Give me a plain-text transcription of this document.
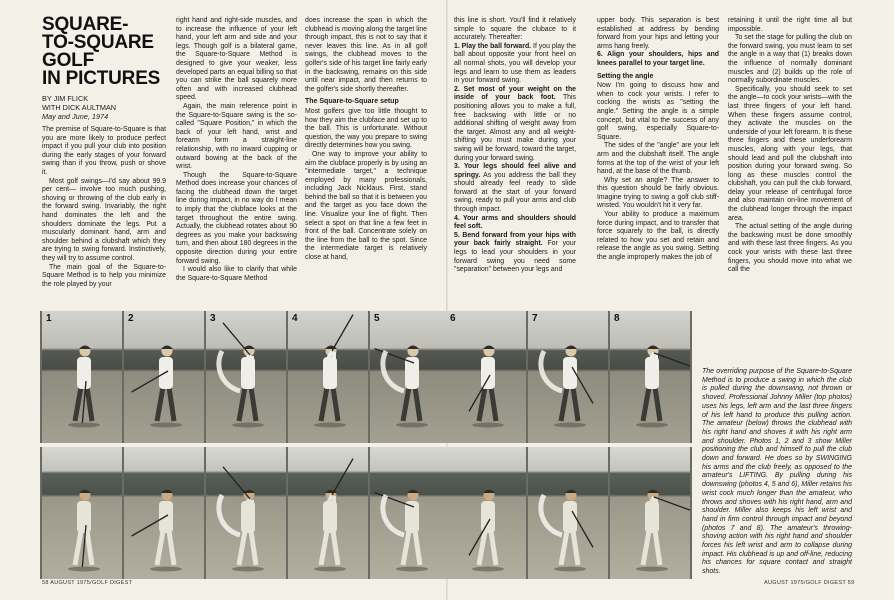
SQUARE-
TO-SQUARE
GOLF
IN PICTURES
BY JIM FLICK
WITH DICK AULTMAN
May and June, 1974

The premise of Square-to-Square is that you are more likely to produce perfect impact if you pull your club into position during the early stages of your forward swing than if you throw, push or shove it.

Most golf swings—I'd say about 99.9 per cent— involve too much pushing, shoving or throwing of the club early in the forward swing. Invariably, the right hand dominates the left and the shoulders dominate the legs. Put a muscularly dominant hand, arm and shoulder behind a clubshaft which they are trying to swing forward. Instinctively, they will try to assume control.

The main goal of the Square-to-Square Method is to help you minimize the role played by your

right hand and right-side muscles, and to increase the influence of your left hand, your left arm and side and your legs. Though golf is a bilateral game, the Square-to-Square Method is designed to give your weaker, less developed parts an equal billing so that you can strike the ball squarely more often and with increased clubhead speed.

Again, the main reference point in the Square-to-Square swing is the so-called "Square Position," in which the back of your left hand, wrist and forearm form a straight-line relationship, with no inward cupping or outward bowing at the back of the wrist.

Though the Square-to-Square Method does increase your chances of facing the clubhead down the target line during impact, in no way do I mean to imply that the clubface looks at the target throughout the entire swing. Actually, the clubhead rotates about 90 degrees as you make your backswing turn, and then about 180 degrees in the opposite direction during your entire forward swing.

I would also like to clarify that while the Square-to-Square Method

does increase the span in which the clubhead is moving along the target line through impact, this is not to say that it never leaves this line. As in all golf swings, the clubhead moves to the golfer's side of his target line fairly early in the backswing, remains on this side until near impact, and then returns to the golfer's side shortly thereafter.

The Square-to-Square setup

Most golfers give too little thought to how they aim the clubface and set up to the ball. This is unfortunate. Without question, the way you prepare to swing directly determines how you swing.

One way to improve your ability to aim the clubface properly is by using an "intermediate target," a technique employed by many professionals, including Jack Nicklaus. First, stand behind the ball so that it is between you and the target as you face down the line. Visualize your line of flight. Then select a spot on that line a few feet in front of the ball. Concentrate solely on the line from the ball to the spot. Since the intermediate target is relatively close at hand,

this line is short. You'll find it relatively simple to square the clubace to it accurately. Thereafter:

1. Play the ball forward. If you play the ball about opposite your front heel on all normal shots, you will develop your legs and learn to use them as leaders in your forward swing.

2. Set most of your weight on the inside of your back foot. This positioning allows you to make a full, free backswing with little or no additional shifting of weight away from the target. Almost any and all weight-shifting you must make during your swing will be forward, toward the target, during your forward swing.

3. Your legs should feel alive and springy. As you address the ball they should already feel ready to slide forward at the start of your forward swing, ready to pull your arms and club through impact.

4. Your arms and shoulders should feel soft.

5. Bend forward from your hips with your back fairly straight. For your legs to lead your shoulders in your forward swing you need some "separation" between your legs and

upper body. This separation is best established at address by bending forward from your hips and letting your arms hang freely.

6. Align your shoulders, hips and knees parallel to your target line.

Setting the angle

Now I'm going to discuss how and when to cock your wrists. I refer to cocking the wrists as "setting the angle." Setting the angle is a simple concept, but vital to the success of any golf swing, especially Square-to-Square.

The sides of the "angle" are your left arm and the clubshaft itself. The angle forms at the top of the wrist of your left hand, at the base of the thumb.

Why set an angle? The answer to this question should be fairly obvious. Imagine trying to swing a golf club stiff-wristed. You wouldn't hit it very far.

Your ability to produce a maximum force during impact, and to transfer that force squarely to the ball, is directly related to how you set and retain and release the angle as you swing. Setting the angle improperly makes the job of

retaining it until the right time all but impossible.

To set the stage for pulling the club on the forward swing, you must learn to set the angle in a way that (1) breaks down the influence of normally dominant muscles and (2) builds up the role of normally subordinate muscles.

Specifically, you should seek to set the angle—to cock your wrists—with the last three fingers of your left hand. When these fingers assume control, they activate the muscles on the underside of your left forearm. It is these three fingers and these underforearm muscles, along with your legs, that should lead and pull the clubshaft into position during your forward swing. So long as these muscles control the clubshaft, you can pull the club forward, delay your release of centrifugal force and also maintain on-line movement of the clubhead longer through the impact area.

The actual setting of the angle during the backswing must be done smoothly and with these last three fingers. As you cock your wrists with these last three fingers, you should move into what we call the

1	2	3	4	5	6	7	8
The overriding purpose of the Square-to-Square Method is to produce a swing in which the club is pulled during the downswing, not thrown or shoved. Professional Johnny Miller (top photos) uses his legs, left arm and the last three fingers of his left hand to produce this pulling action. The amateur (below) throws the clubhead with his right hand and shoves it with his right arm and shoulder. Photos 1, 2 and 3 show Miller positioning the club and himself to pull the club down and forward. He does so by SWINGING his arms and the club freely, as opposed to the amateur's LIFTING. By pulling during his downswing (photos 4, 5 and 6), Miller retains his wrist cock much longer than the amateur, who throws and shoves with his right hand, arm and shoulder. Miller also keeps his left wrist and hand in firm control through impact and beyond (photos 7 and 8). The amateur's throwing-shoving action with his right hand and shoulder forces his left wrist and arm to collapse during impact. His clubhead is up and off-line, reducing his chances for square contact and straight shots.
58 AUGUST 1975/GOLF DIGEST	AUGUST 1975/GOLF DIGEST 59
